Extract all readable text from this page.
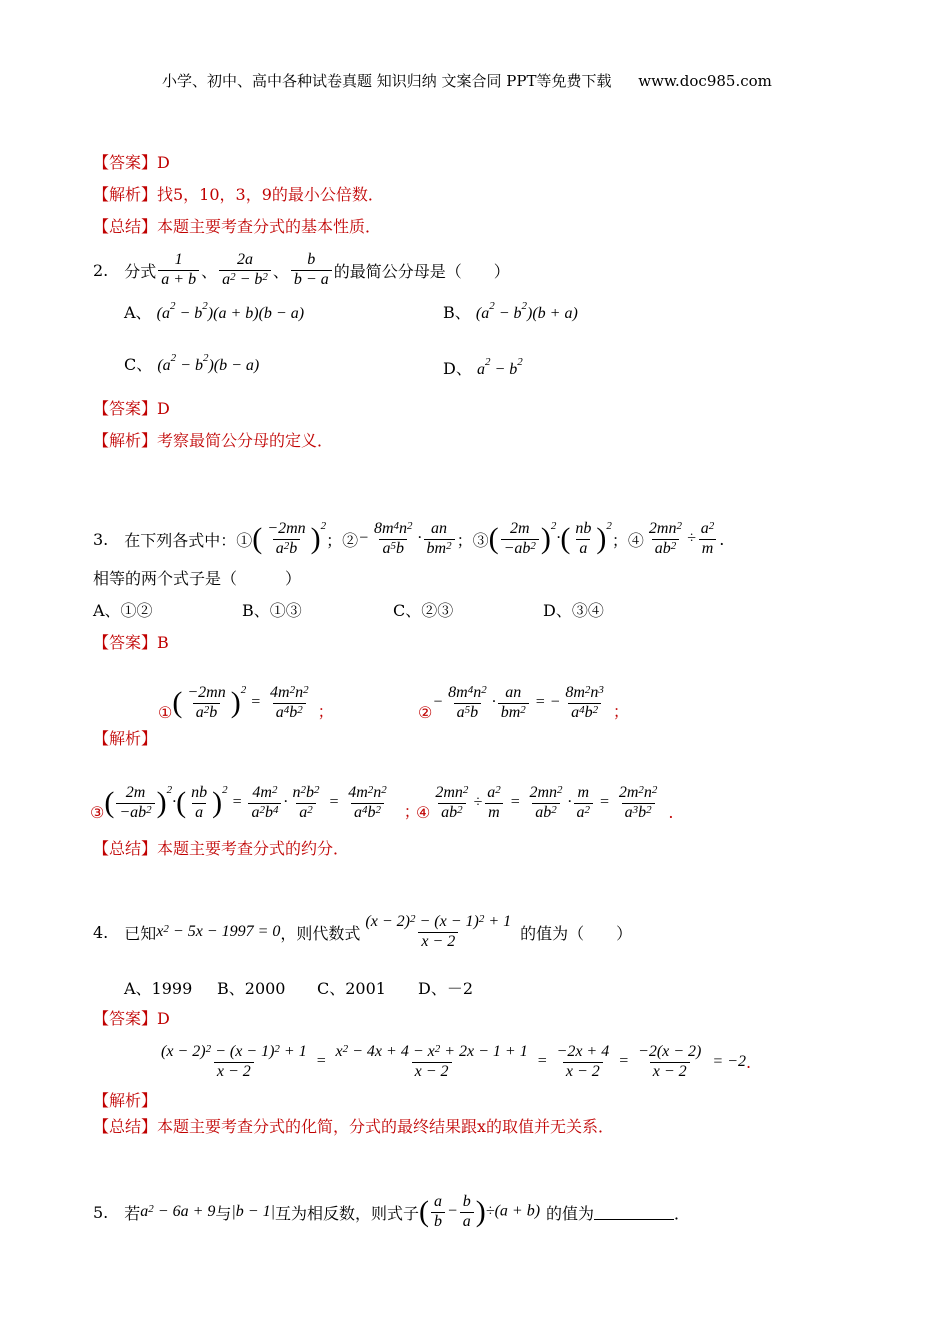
小学、初中、高中各种试卷真题 知识归纳 文案合同 PPT等免费下载 www.doc985.com
【答案】D
【解析】找5，10，3，9的最小公倍数．
【总结】本题主要考查分式的基本性质．
2. 分式 $\frac{1}{a + b}$ 、 $\frac{2a}{a^2 - b^2}$ 、 $\frac{b}{b - a}$ 的最简公分母是（　　）
A、 $(a^2 - b^2)(a + b)(b - a)$	B、 $(a^2 - b^2)(b + a)$
C、 $(a^2 - b^2)(b - a)$	D、 $a^2 - b^2$
【答案】D
【解析】考察最简公分母的定义．
3. 在下列各式中：① ( $\frac{-2mn}{a^2b} )^2$
；② − $\frac{8m^4n^2}{a^5b} \cdot \frac{an}{bm^2}$ ；③ ( $\frac{2m}{-ab^2} )^2\cdot( \frac{nb}{a} )^2$
；④ $\frac{2mn^2}{ab^2} \div \frac{a^2}{m}$ .
相等的两个式子是（　　　）
A、①②	B、①③	C、②③	D、③④
【答案】B
① ( $\frac{-2mn}{a^2b} )^2 = \frac{4m^2n^2}{a^4b^2}$ ；	②
− $\frac{8m^4n^2}{a^5b} \cdot \frac{an}{bm^2}$ = − $\frac{8m^2n^3}{a^4b^2}$ ；
【解析】
③ ( $\frac{2m}{-ab^2} )^2\cdot( \frac{nb}{a} )^2 = \frac{4m^2}{a^2b^4} \cdot \frac{n^2b^2}{a^2} = \frac{4m^2n^2}{a^4b^2}$ ；
④ $\frac{2mn^2}{ab^2} \div \frac{a^2}{m} = \frac{2mn^2}{ab^2} \cdot \frac{m}{a^2} = \frac{2m^2n^2}{a^3b^2}$ .
【总结】本题主要考查分式的约分．
4. 已知 $x^2 - 5x - 1997 = 0$ ，则代数式 $\frac{(x - 2)^2 - (x - 1)^2 + 1}{x - 2}$ 的值为（　　）
A、1999 B、2000 C、2001 D、－2
【答案】D
$\frac{(x - 2)^2 - (x - 1)^2 + 1}{x - 2} = \frac{x^2 - 4x + 4 - x^2 + 2x - 1 + 1}{x - 2} = \frac{-2x + 4}{x - 2} = \frac{-2(x - 2)}{x - 2} = -2$ .
【解析】
【总结】本题主要考查分式的化简，分式的最终结果跟x的取值并无关系．
5. 若 $a^2 - 6a + 9$ 与 |b − 1| 互为相反数，则式子 ( $\frac{a}{b} - \frac{b}{a} )\div(a + b)$ 的值为	．
